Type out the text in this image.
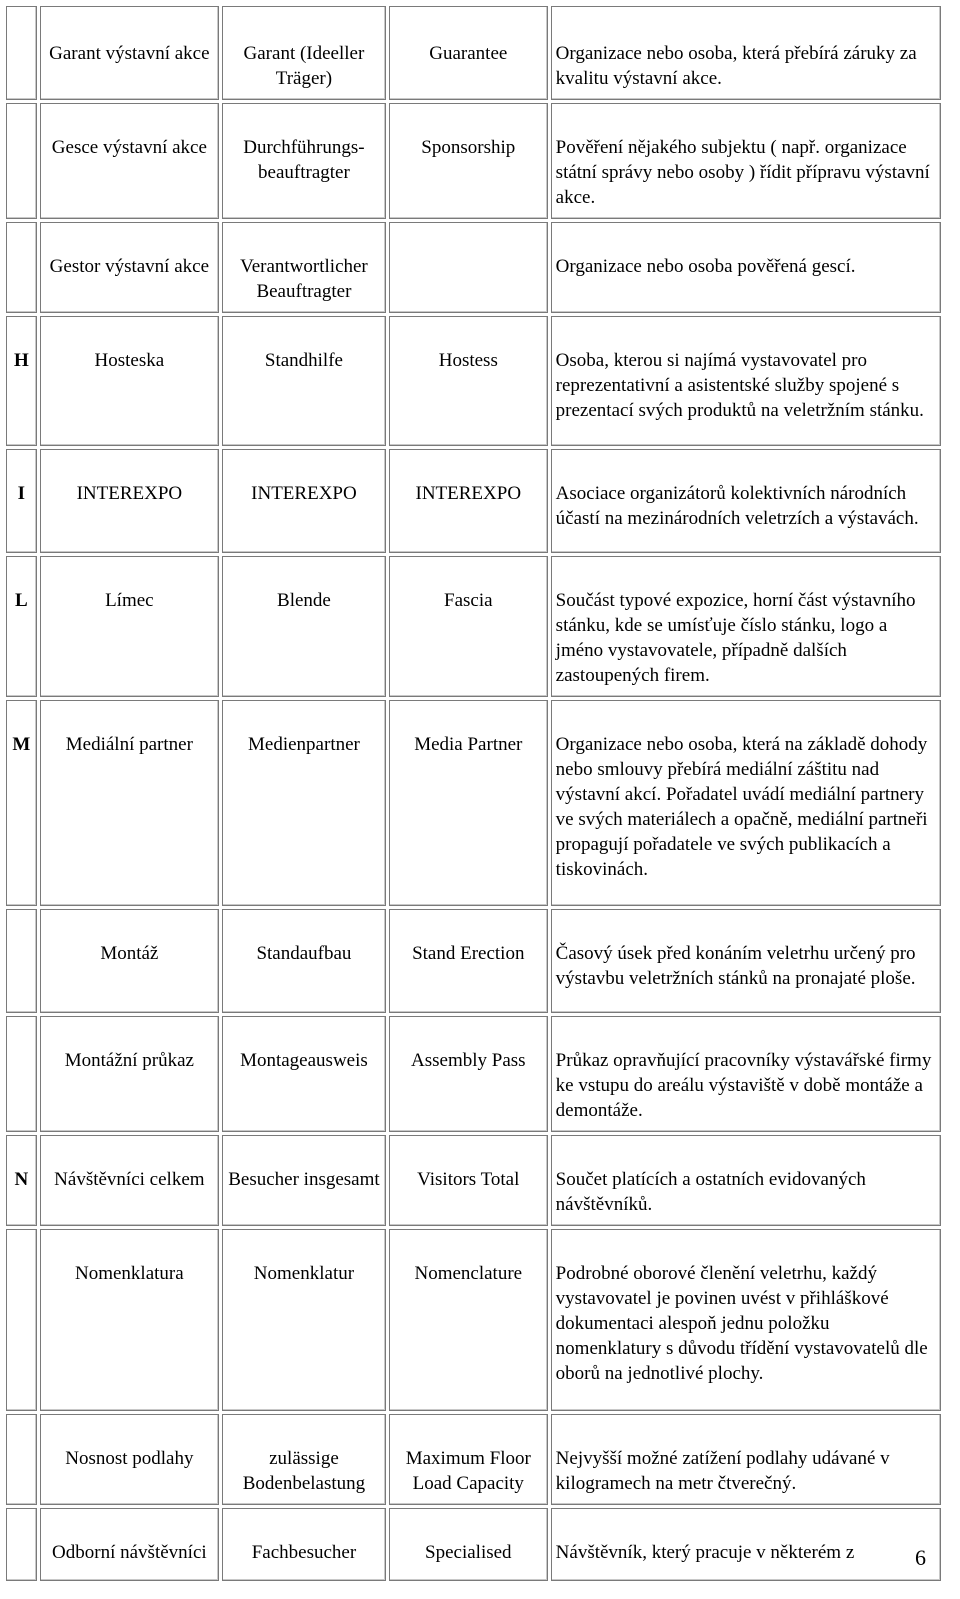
	Garant výstavní akce	Garant (Ideeller Träger)	Guarantee	Organizace nebo osoba, která přebírá záruky za kvalitu výstavní akce.
	Gesce výstavní akce	Durchführungs-beauftragter	Sponsorship	Pověření nějakého subjektu ( např. organizace státní správy nebo osoby ) řídit přípravu výstavní akce.
	Gestor výstavní akce	Verantwortlicher Beauftragter		Organizace nebo osoba pověřená gescí.
H	Hosteska	Standhilfe	Hostess	Osoba, kterou si najímá vystavovatel pro reprezentativní a asistentské služby spojené s prezentací svých produktů na veletržním stánku.
I	INTEREXPO	INTEREXPO	INTEREXPO	Asociace organizátorů kolektivních národních účastí na mezinárodních veletrzích a výstavách.
L	Límec	Blende	Fascia	Součást typové expozice, horní část výstavního stánku, kde se umísťuje číslo stánku, logo a jméno vystavovatele, případně dalších zastoupených firem.
M	Mediální partner	Medienpartner	Media Partner	Organizace nebo osoba, která na základě dohody nebo smlouvy přebírá mediální záštitu nad výstavní akcí. Pořadatel uvádí mediální partnery ve svých materiálech a opačně, mediální partneři propagují pořadatele ve svých publikacích a tiskovinách.
	Montáž	Standaufbau	Stand Erection	Časový úsek před konáním veletrhu určený pro výstavbu veletržních stánků na pronajaté ploše.
	Montážní průkaz	Montageausweis	Assembly Pass	Průkaz opravňující pracovníky výstavářské firmy ke vstupu do areálu výstaviště v době montáže a demontáže.
N	Návštěvníci celkem	Besucher insgesamt	Visitors Total	Součet platících a ostatních evidovaných návštěvníků.
	Nomenklatura	Nomenklatur	Nomenclature	Podrobné oborové členění veletrhu, každý vystavovatel je povinen uvést v přihláškové dokumentaci alespoň jednu položku nomenklatury s důvodu třídění vystavovatelů dle oborů na jednotlivé plochy.
	Nosnost podlahy	zulässige Bodenbelastung	Maximum Floor Load Capacity	Nejvyšší možné zatížení podlahy udávané v kilogramech na metr čtverečný.
	Odborní návštěvníci	Fachbesucher	Specialised	Návštěvník, který pracuje v některém z	6
